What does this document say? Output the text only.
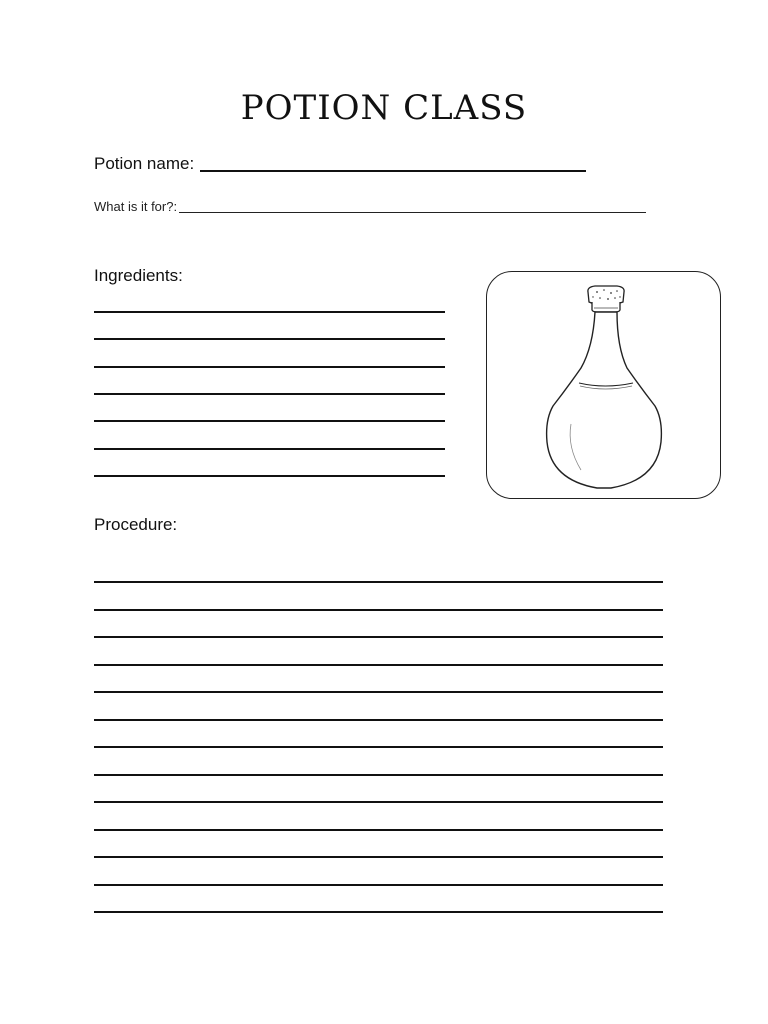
POTION CLASS
Potion name:
What is it for?:
Ingredients:
Procedure:
